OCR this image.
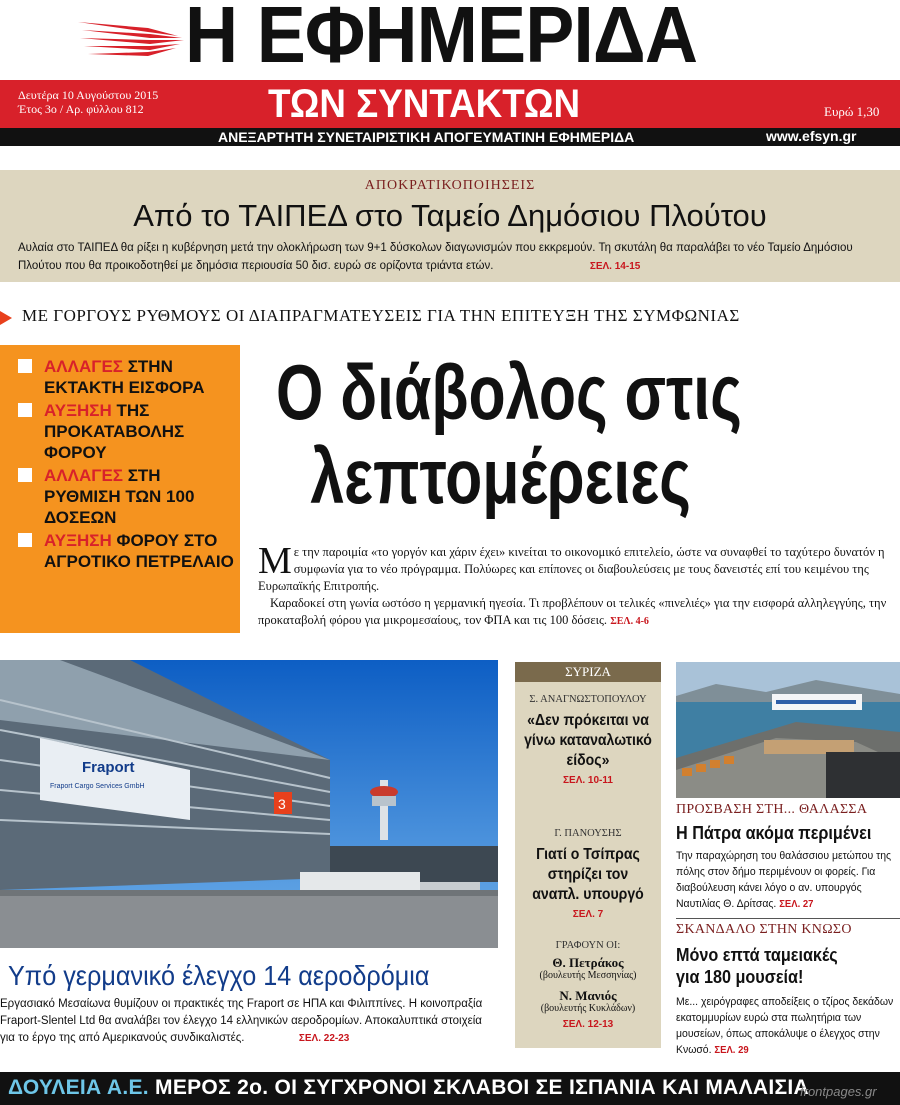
Η ΕΦΗΜΕΡΙΔΑ
Δευτέρα 10 Αυγούστου 2015
Έτος 3ο / Αρ. φύλλου 812	ΤΩΝ ΣΥΝΤΑΚΤΩΝ	Ευρώ 1,30
ΑΝΕΞΑΡΤΗΤΗ ΣΥΝΕΤΑΙΡΙΣΤΙΚΗ ΑΠΟΓΕΥΜΑΤΙΝΗ ΕΦΗΜΕΡΙΔΑ	www.efsyn.gr
ΑΠΟΚΡΑΤΙΚΟΠΟΙΗΣΕΙΣ
Από το ΤΑΙΠΕΔ στο Ταμείο Δημόσιου Πλούτου
Αυλαία στο ΤΑΙΠΕΔ θα ρίξει η κυβέρνηση μετά την ολοκλήρωση των 9+1 δύσκολων διαγωνισμών που εκκρεμούν. Τη σκυτάλη θα παραλάβει το νέο Ταμείο Δημόσιου Πλούτου που θα προικοδοτηθεί με δημόσια περιουσία 50 δισ. ευρώ σε ορίζοντα τριάντα ετών.	ΣΕΛ. 14-15
ΜΕ ΓΟΡΓΟΥΣ ΡΥΘΜΟΥΣ ΟΙ ΔΙΑΠΡΑΓΜΑΤΕΥΣΕΙΣ ΓΙΑ ΤΗΝ ΕΠΙΤΕΥΞΗ ΤΗΣ ΣΥΜΦΩΝΙΑΣ
ΑΛΛΑΓΕΣ ΣΤΗΝ ΕΚΤΑΚΤΗ ΕΙΣΦΟΡΑ
ΑΥΞΗΣΗ ΤΗΣ ΠΡΟΚΑΤΑΒΟΛΗΣ ΦΟΡΟΥ
ΑΛΛΑΓΕΣ ΣΤΗ ΡΥΘΜΙΣΗ ΤΩΝ 100 ΔΟΣΕΩΝ
ΑΥΞΗΣΗ ΦΟΡΟΥ ΣΤΟ ΑΓΡΟΤΙΚΟ ΠΕΤΡΕΛΑΙΟ
Ο διάβολος στις
λεπτομέρειες

Με την παροιμία «το γοργόν και χάριν έχει» κινείται το οικονομικό επιτελείο, ώστε να συναφθεί το ταχύτερο δυνατόν η συμφωνία για το νέο πρόγραμμα. Πολύωρες και επίπονες οι διαβουλεύσεις με τους δανειστές επί του κειμένου της Ευρωπαϊκής Επιτροπής.

Καραδοκεί στη γωνία ωστόσο η γερμανική ηγεσία. Τι προβλέπουν οι τελικές «πινελιές» για την εισφορά αλληλεγγύης, την προκαταβολή φόρου για μικρομεσαίους, τον ΦΠΑ και τις 100 δόσεις. ΣΕΛ. 4-6

3
Fraport
Fraport Cargo Services GmbH
Υπό γερμανικό έλεγχο 14 αεροδρόμια
Εργασιακό Μεσαίωνα θυμίζουν οι πρακτικές της Fraport σε ΗΠΑ και Φιλιππίνες. Η κοινοπραξία Fraport-Slentel Ltd θα αναλάβει τον έλεγχο 14 ελληνικών αεροδρομίων. Αποκαλυπτικά στοιχεία για το έργο της από Αμερικανούς συνδικαλιστές.	ΣΕΛ. 22-23
ΣΥΡΙΖΑ
Σ. ΑΝΑΓΝΩΣΤΟΠΟΥΛΟΥ
«Δεν πρόκειται να γίνω καταναλωτικό είδος»
ΣΕΛ. 10-11
Γ. ΠΑΝΟΥΣΗΣ
Γιατί ο Τσίπρας στηρίζει τον αναπλ. υπουργό
ΣΕΛ. 7
ΓΡΑΦΟΥΝ ΟΙ:
Θ. Πετράκος
(βουλευτής Μεσσηνίας)
Ν. Μανιός
(βουλευτής Κυκλάδων)
ΣΕΛ. 12-13
ΠΡΟΣΒΑΣΗ ΣΤΗ... ΘΑΛΑΣΣΑ
Η Πάτρα ακόμα περιμένει
Την παραχώρηση του θαλάσσιου μετώπου της πόλης στον δήμο περιμένουν οι φορείς. Για διαβούλευση κάνει λόγο ο αν. υπουργός Ναυτιλίας Θ. Δρίτσας. ΣΕΛ. 27
ΣΚΑΝΔΑΛΟ ΣΤΗΝ ΚΝΩΣΟ
Μόνο επτά ταμειακές
για 180 μουσεία!
Με... χειρόγραφες αποδείξεις ο τζίρος δεκάδων εκατομμυρίων ευρώ στα πωλητήρια των μουσείων, όπως αποκάλυψε ο έλεγχος στην Κνωσό. ΣΕΛ. 29
ΔΟΥΛΕΙΑ Α.Ε. ΜΕΡΟΣ 2ο. ΟΙ ΣΥΓΧΡΟΝΟΙ ΣΚΛΑΒΟΙ ΣΕ ΙΣΠΑΝΙΑ ΚΑΙ ΜΑΛΑΙΣΙΑ
frontpages.gr
